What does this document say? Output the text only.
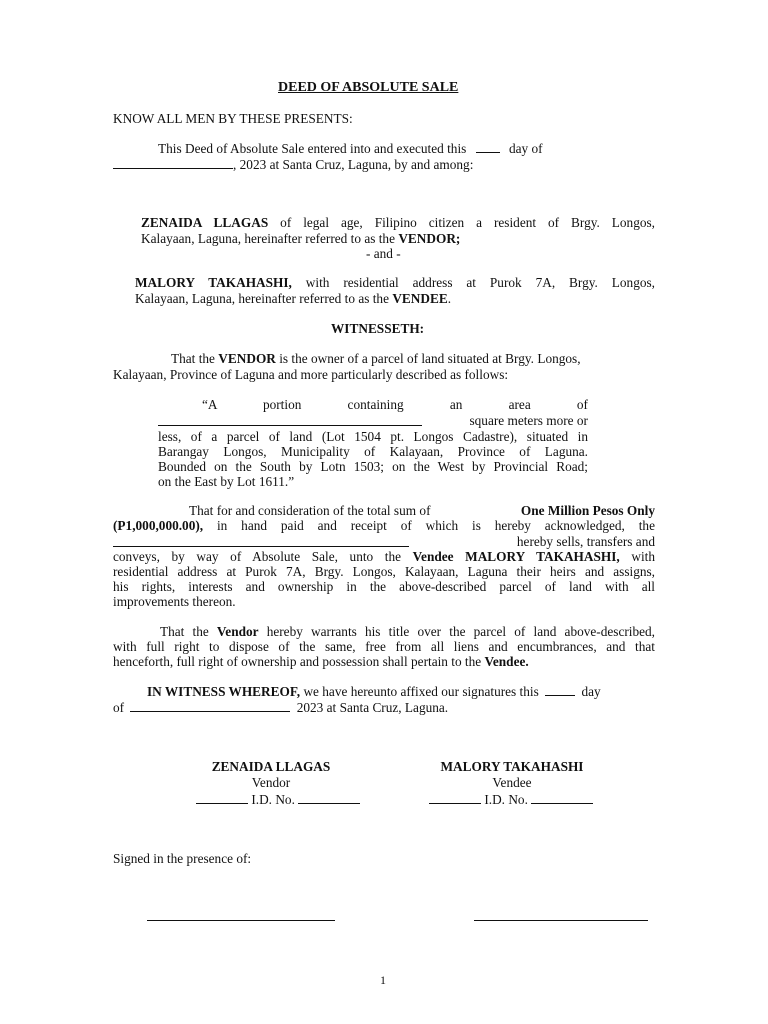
DEED OF ABSOLUTE SALE
KNOW ALL MEN BY THESE PRESENTS:
This Deed of Absolute Sale entered into and executed this	day of
, 2023 at Santa Cruz, Laguna, by and among:
ZENAIDA LLAGAS of legal age, Filipino citizen a resident of Brgy. Longos,
Kalayaan, Laguna, hereinafter referred to as the VENDOR;
- and -
MALORY TAKAHASHI, with residential address at Purok 7A, Brgy. Longos,
Kalayaan, Laguna, hereinafter referred to as the VENDEE.
WITNESSETH:
That the VENDOR is the owner of a parcel of land situated at Brgy. Longos,
Kalayaan, Province of Laguna and more particularly described as follows:
“A portion containing an area of
square meters more or
less, of a parcel of land (Lot 1504 pt. Longos Cadastre), situated in
Barangay Longos, Municipality of Kalayaan, Province of Laguna.
Bounded on the South by Lotn 1503; on the West by Provincial Road;
on the East by Lot 1611.”
That for and consideration of the total sum of	One Million Pesos Only
(P1,000,000.00), in hand paid and receipt of which is hereby acknowledged, the
hereby sells, transfers and
conveys, by way of Absolute Sale, unto the Vendee MALORY TAKAHASHI, with
residential address at Purok 7A, Brgy. Longos, Kalayaan, Laguna their heirs and assigns,
his rights, interests and ownership in the above-described parcel of land with all
improvements thereon.
That the Vendor hereby warrants his title over the parcel of land above-described,
with full right to dispose of the same, free from all liens and encumbrances, and that
henceforth, full right of ownership and possession shall pertain to the Vendee.
IN WITNESS WHEREOF, we have hereunto affixed our signatures this	day
of	2023 at Santa Cruz, Laguna.
ZENAIDA LLAGAS
Vendor
I.D. No.
MALORY TAKAHASHI
Vendee
I.D. No.
Signed in the presence of:
1
